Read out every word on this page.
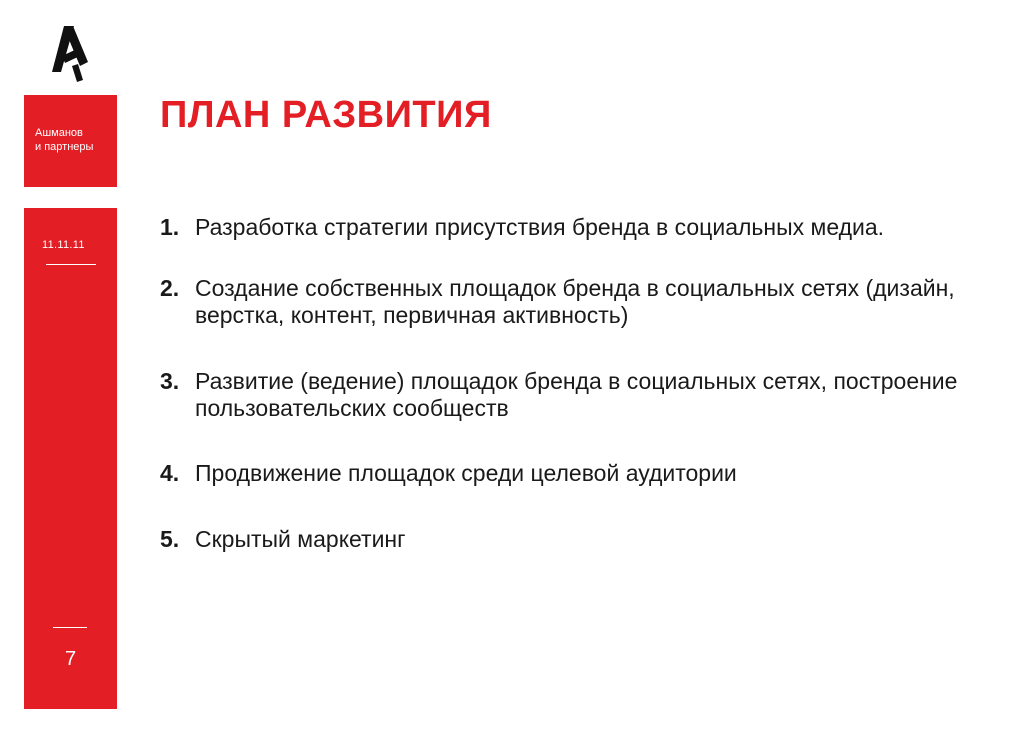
Ашманов
и партнеры
11.11.11
7
ПЛАН РАЗВИТИЯ
1. Разработка стратегии присутствия бренда в социальных медиа.
2. Создание собственных площадок бренда в социальных сетях (дизайн, верстка, контент, первичная активность)
3. Развитие (ведение) площадок бренда в социальных сетях, построение пользовательских сообществ
4. Продвижение площадок среди целевой аудитории
5. Скрытый маркетинг
